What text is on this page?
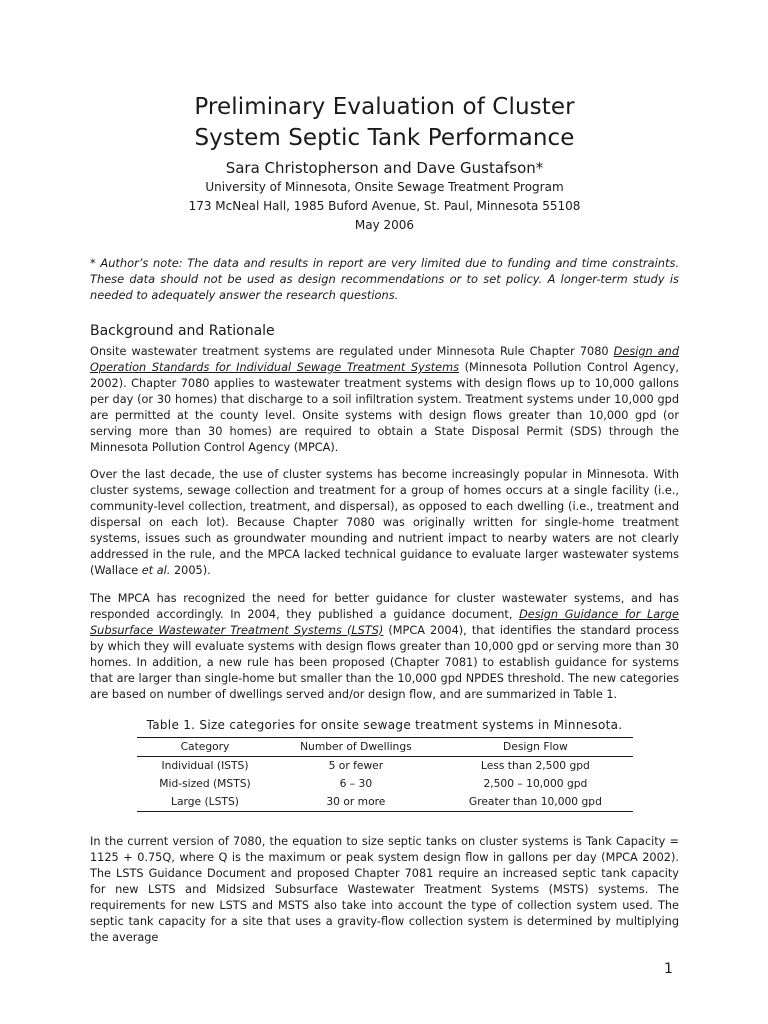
Preliminary Evaluation of Cluster
System Septic Tank Performance
Sara Christopherson and Dave Gustafson*
University of Minnesota, Onsite Sewage Treatment Program
173 McNeal Hall, 1985 Buford Avenue, St. Paul, Minnesota 55108
May 2006
* Author’s note: The data and results in report are very limited due to funding and time constraints. These data should not be used as design recommendations or to set policy. A longer-term study is needed to adequately answer the research questions.
Background and Rationale

Onsite wastewater treatment systems are regulated under Minnesota Rule Chapter 7080 Design and Operation Standards for Individual Sewage Treatment Systems (Minnesota Pollution Control Agency, 2002). Chapter 7080 applies to wastewater treatment systems with design flows up to 10,000 gallons per day (or 30 homes) that discharge to a soil infiltration system. Treatment systems under 10,000 gpd are permitted at the county level. Onsite systems with design flows greater than 10,000 gpd (or serving more than 30 homes) are required to obtain a State Disposal Permit (SDS) through the Minnesota Pollution Control Agency (MPCA).

Over the last decade, the use of cluster systems has become increasingly popular in Minnesota. With cluster systems, sewage collection and treatment for a group of homes occurs at a single facility (i.e., community-level collection, treatment, and dispersal), as opposed to each dwelling (i.e., treatment and dispersal on each lot). Because Chapter 7080 was originally written for single-home treatment systems, issues such as groundwater mounding and nutrient impact to nearby waters are not clearly addressed in the rule, and the MPCA lacked technical guidance to evaluate larger wastewater systems (Wallace et al. 2005).

The MPCA has recognized the need for better guidance for cluster wastewater systems, and has responded accordingly. In 2004, they published a guidance document, Design Guidance for Large Subsurface Wastewater Treatment Systems (LSTS) (MPCA 2004), that identifies the standard process by which they will evaluate systems with design flows greater than 10,000 gpd or serving more than 30 homes. In addition, a new rule has been proposed (Chapter 7081) to establish guidance for systems that are larger than single-home but smaller than the 10,000 gpd NPDES threshold. The new categories are based on number of dwellings served and/or design flow, and are summarized in Table 1.

Table 1. Size categories for onsite sewage treatment systems in Minnesota.
Category	Number of Dwellings	Design Flow
Individual (ISTS)	5 or fewer	Less than 2,500 gpd
Mid-sized (MSTS)	6 – 30	2,500 – 10,000 gpd
Large (LSTS)	30 or more	Greater than 10,000 gpd

In the current version of 7080, the equation to size septic tanks on cluster systems is Tank Capacity = 1125 + 0.75Q, where Q is the maximum or peak system design flow in gallons per day (MPCA 2002). The LSTS Guidance Document and proposed Chapter 7081 require an increased septic tank capacity for new LSTS and Midsized Subsurface Wastewater Treatment Systems (MSTS) systems. The requirements for new LSTS and MSTS also take into account the type of collection system used. The septic tank capacity for a site that uses a gravity-flow collection system is determined by multiplying the average

1
